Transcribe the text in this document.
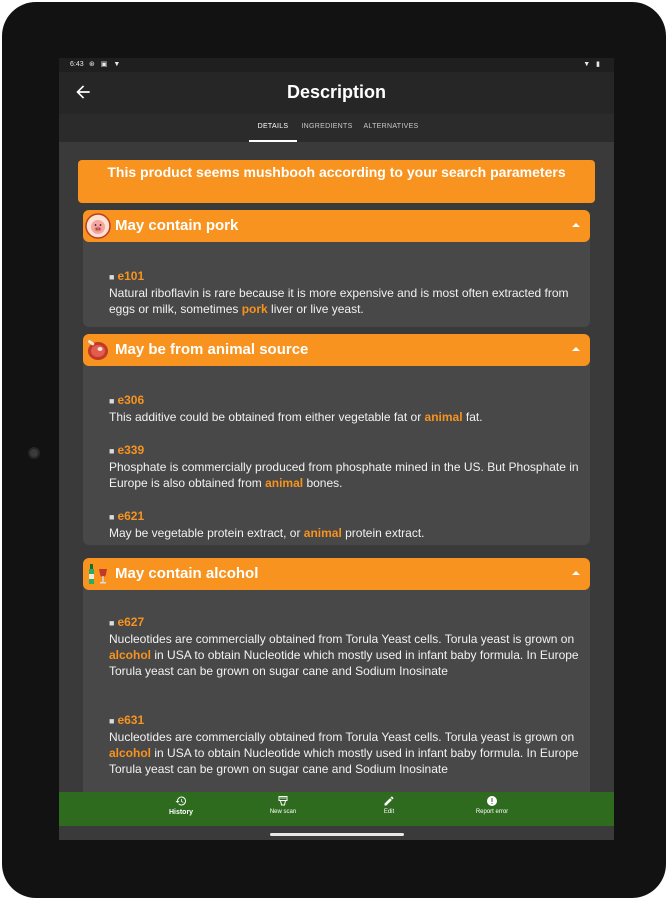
6:43 ⊛ ▣ ▼	▼ ▮
Description
DETAILS	INGREDIENTS	ALTERNATIVES
This product seems mushbooh according to your search parameters
May contain pork
■ e101
Natural riboflavin is rare because it is more expensive and is most often extracted from eggs or milk, sometimes pork liver or live yeast.
May be from animal source
■ e306
This additive could be obtained from either vegetable fat or animal fat.
■ e339
Phosphate is commercially produced from phosphate mined in the US. But Phosphate in Europe is also obtained from animal bones.
■ e621
May be vegetable protein extract, or animal protein extract.
May contain alcohol
■ e627
Nucleotides are commercially obtained from Torula Yeast cells. Torula yeast is grown on alcohol in USA to obtain Nucleotide which mostly used in infant baby formula. In Europe Torula yeast can be grown on sugar cane and Sodium Inosinate
■ e631
Nucleotides are commercially obtained from Torula Yeast cells. Torula yeast is grown on alcohol in USA to obtain Nucleotide which mostly used in infant baby formula. In Europe Torula yeast can be grown on sugar cane and Sodium Inosinate
History	New scan	Edit	Report error
